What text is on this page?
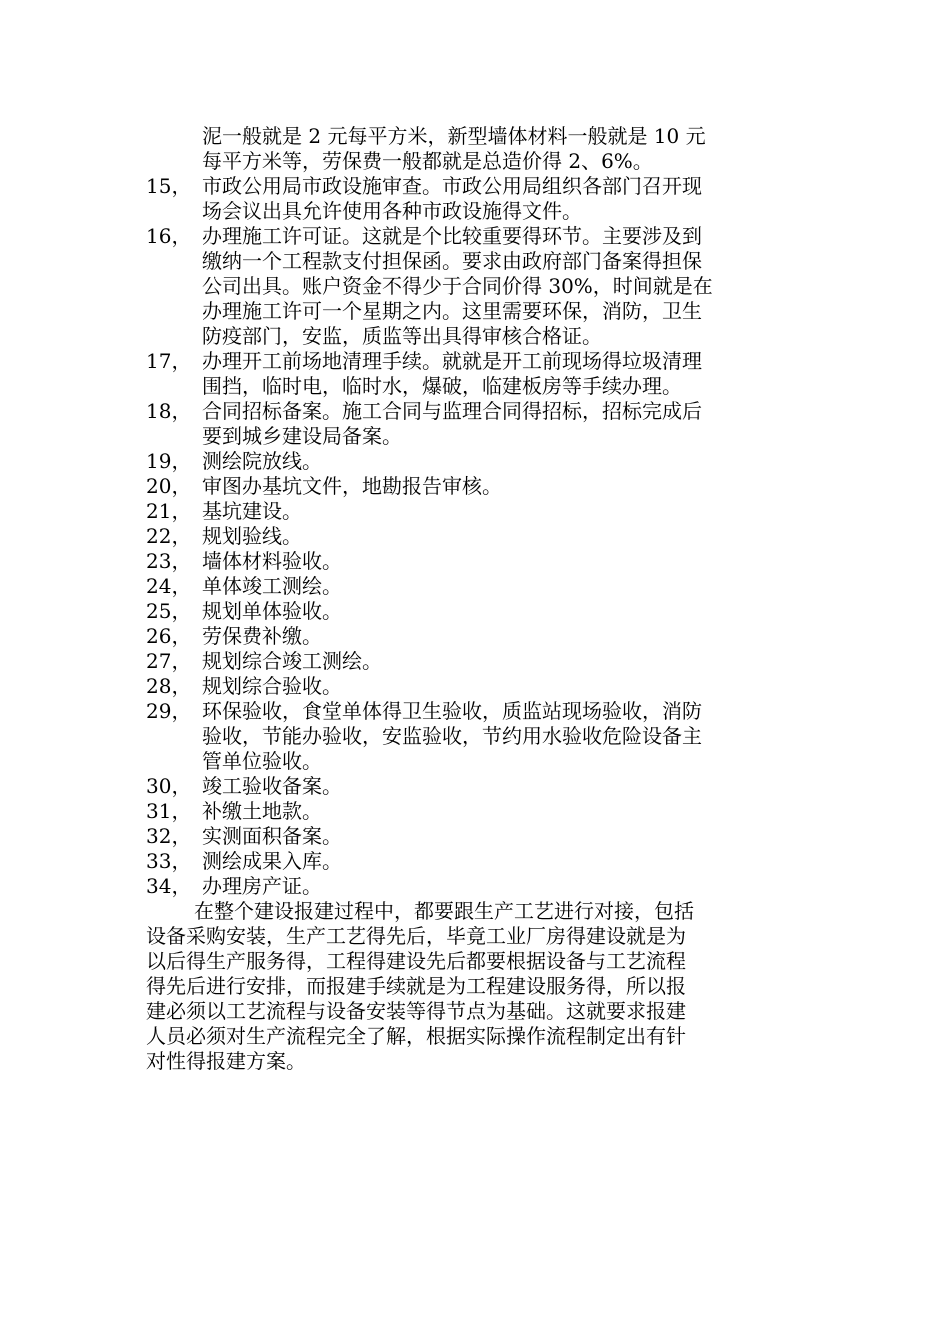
泥一般就是 2 元每平方米，新型墙体材料一般就是 10 元
每平方米等，劳保费一般都就是总造价得 2、6%。

15， 市政公用局市政设施审查。市政公用局组织各部门召开现
场会议出具允许使用各种市政设施得文件。
16， 办理施工许可证。这就是个比较重要得环节。主要涉及到
缴纳一个工程款支付担保函。要求由政府部门备案得担保
公司出具。账户资金不得少于合同价得 30%，时间就是在
办理施工许可一个星期之内。这里需要环保，消防，卫生
防疫部门，安监，质监等出具得审核合格证。
17， 办理开工前场地清理手续。就就是开工前现场得垃圾清理
围挡，临时电，临时水，爆破，临建板房等手续办理。
18， 合同招标备案。施工合同与监理合同得招标，招标完成后
要到城乡建设局备案。
19， 测绘院放线。
20， 审图办基坑文件，地勘报告审核。
21， 基坑建设。
22， 规划验线。
23， 墙体材料验收。
24， 单体竣工测绘。
25， 规划单体验收。
26， 劳保费补缴。
27， 规划综合竣工测绘。
28， 规划综合验收。
29， 环保验收，食堂单体得卫生验收，质监站现场验收，消防
验收，节能办验收，安监验收，节约用水验收危险设备主
管单位验收。
30， 竣工验收备案。
31， 补缴土地款。
32， 实测面积备案。
33， 测绘成果入库。
34， 办理房产证。

在整个建设报建过程中，都要跟生产工艺进行对接，包括
设备采购安装，生产工艺得先后，毕竟工业厂房得建设就是为
以后得生产服务得，工程得建设先后都要根据设备与工艺流程
得先后进行安排，而报建手续就是为工程建设服务得，所以报
建必须以工艺流程与设备安装等得节点为基础。这就要求报建
人员必须对生产流程完全了解，根据实际操作流程制定出有针
对性得报建方案。
